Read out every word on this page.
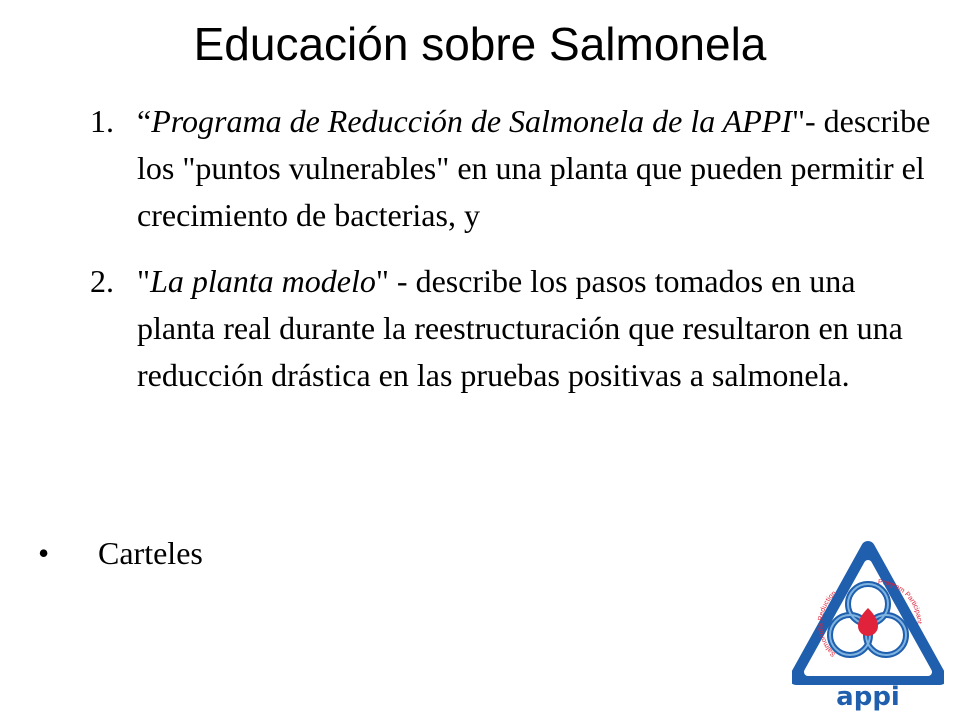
Educación sobre Salmonela
1. “Programa de Reducción de Salmonela de la APPI"- describe los "puntos vulnerables" en una planta que pueden permitir el crecimiento de bacterias, y
2. "La planta modelo" - describe los pasos tomados en una planta real durante la reestructuración que resultaron en una reducción drástica en las pruebas positivas a salmonela.
• Carteles
Salmonella Reduction
Program Participant
appi
